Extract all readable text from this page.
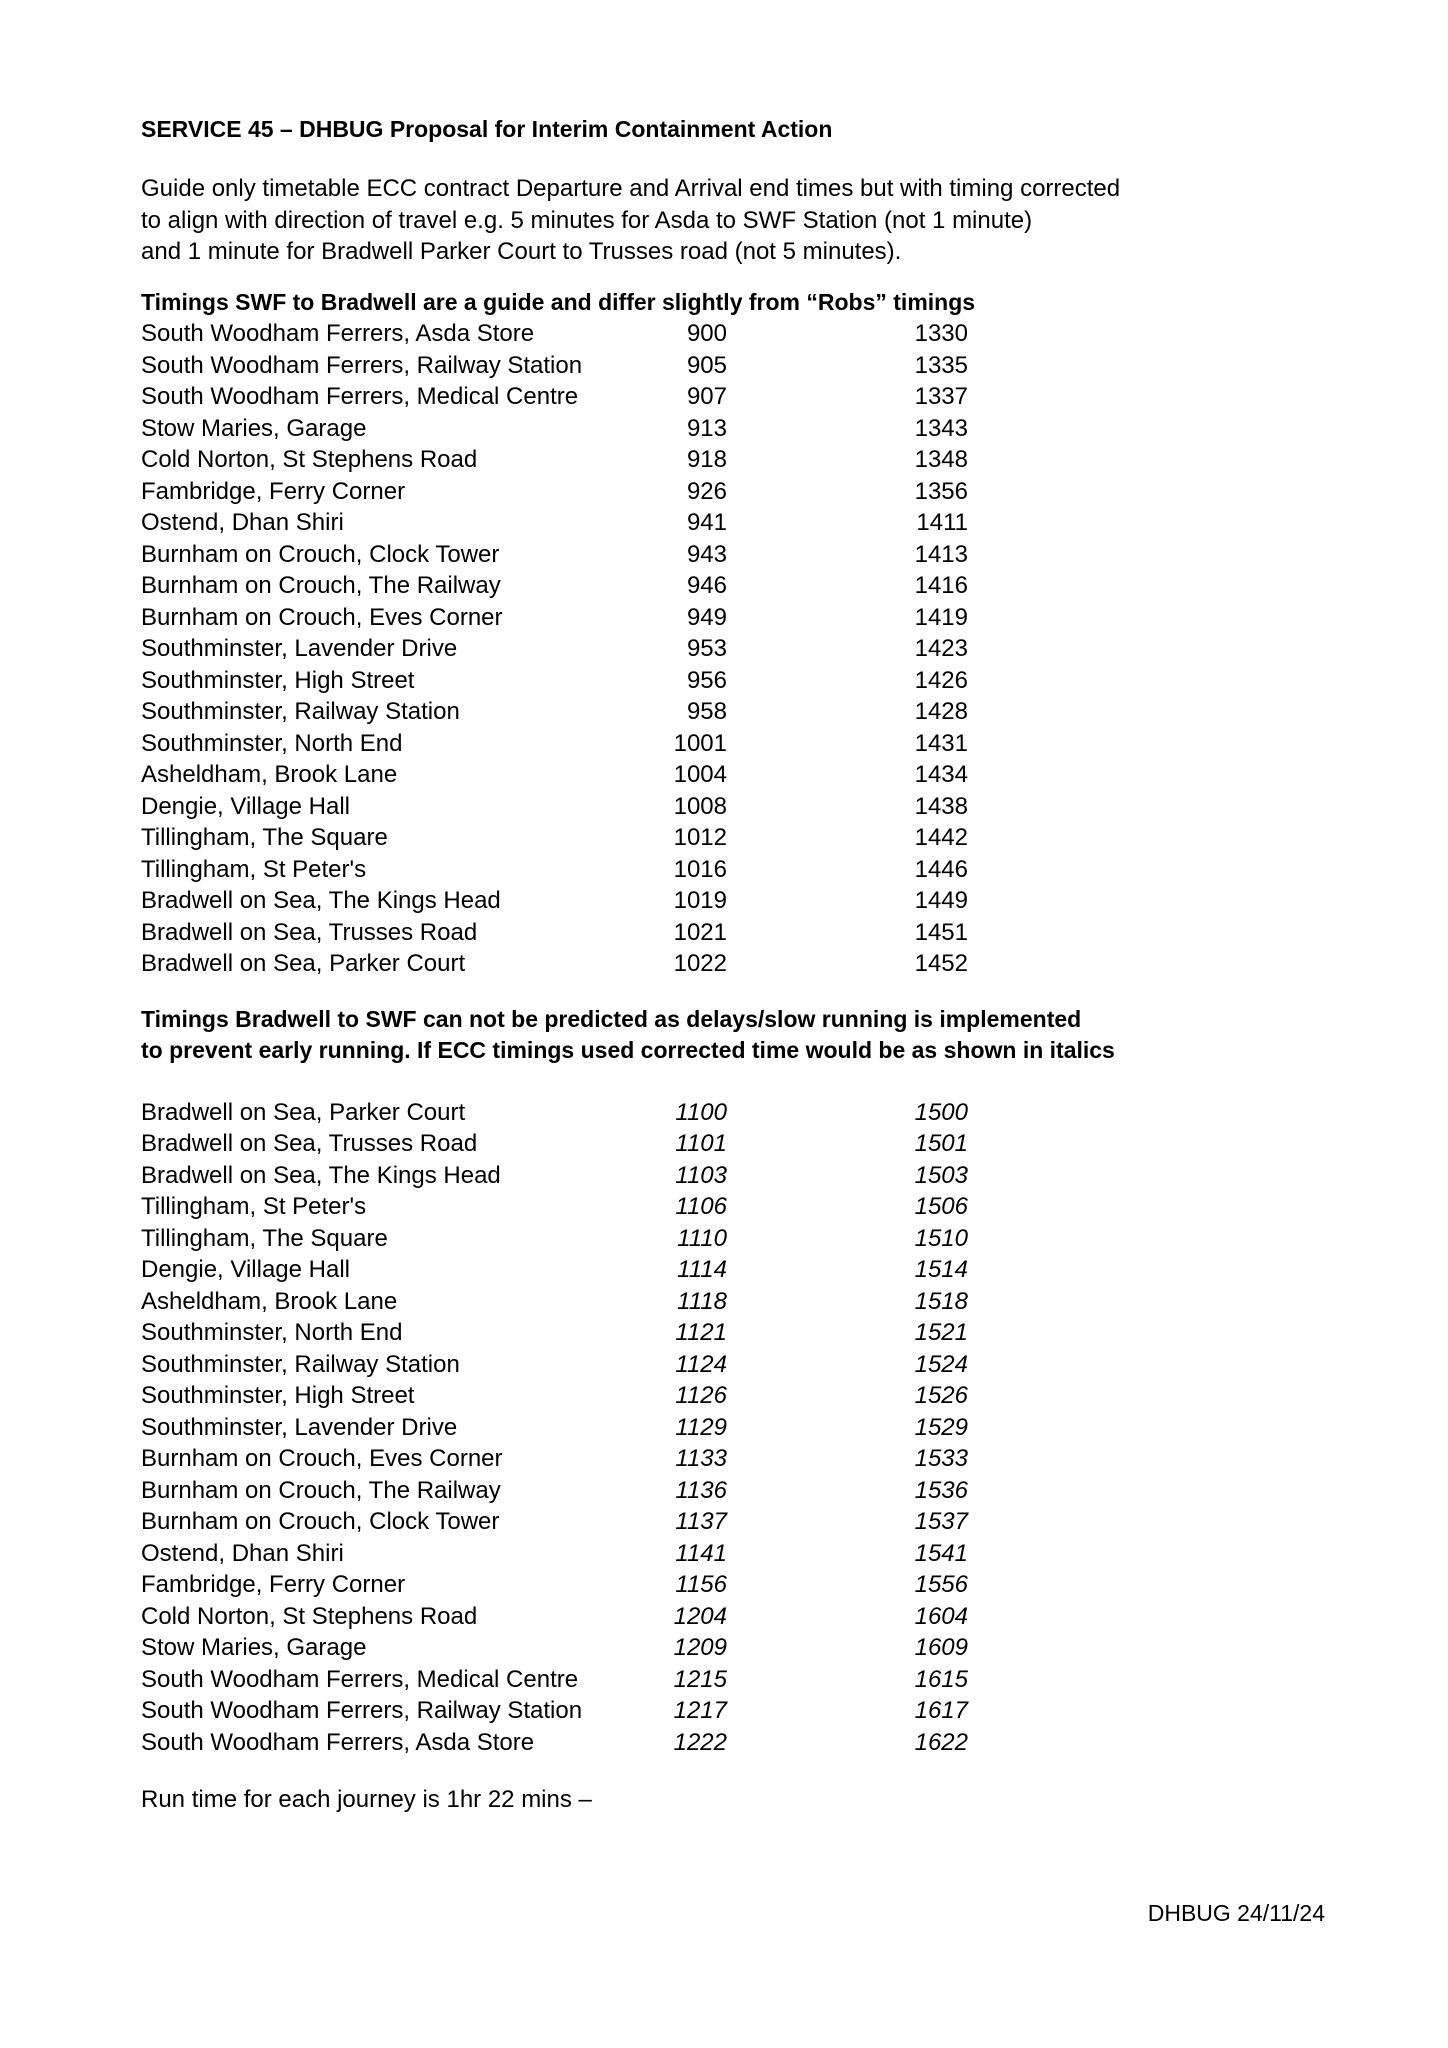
SERVICE 45 – DHBUG Proposal for Interim Containment Action
Guide only timetable ECC contract Departure and Arrival end times but with timing corrected
to align with direction of travel e.g. 5 minutes for Asda to SWF Station (not 1 minute)
and 1 minute for Bradwell Parker Court to Trusses road (not 5 minutes).
Timings SWF to Bradwell are a guide and differ slightly from “Robs” timings
South Woodham Ferrers, Asda Store	900	1330
South Woodham Ferrers, Railway Station	905	1335
South Woodham Ferrers, Medical Centre	907	1337
Stow Maries, Garage	913	1343
Cold Norton, St Stephens Road	918	1348
Fambridge, Ferry Corner	926	1356
Ostend, Dhan Shiri	941	1411
Burnham on Crouch, Clock Tower	943	1413
Burnham on Crouch, The Railway	946	1416
Burnham on Crouch, Eves Corner	949	1419
Southminster, Lavender Drive	953	1423
Southminster, High Street	956	1426
Southminster, Railway Station	958	1428
Southminster, North End	1001	1431
Asheldham, Brook Lane	1004	1434
Dengie, Village Hall	1008	1438
Tillingham, The Square	1012	1442
Tillingham, St Peter's	1016	1446
Bradwell on Sea, The Kings Head	1019	1449
Bradwell on Sea, Trusses Road	1021	1451
Bradwell on Sea, Parker Court	1022	1452
Timings Bradwell to SWF can not be predicted as delays/slow running is implemented
to prevent early running. If ECC timings used corrected time would be as shown in italics
Bradwell on Sea, Parker Court	1100	1500
Bradwell on Sea, Trusses Road	1101	1501
Bradwell on Sea, The Kings Head	1103	1503
Tillingham, St Peter's	1106	1506
Tillingham, The Square	1110	1510
Dengie, Village Hall	1114	1514
Asheldham, Brook Lane	1118	1518
Southminster, North End	1121	1521
Southminster, Railway Station	1124	1524
Southminster, High Street	1126	1526
Southminster, Lavender Drive	1129	1529
Burnham on Crouch, Eves Corner	1133	1533
Burnham on Crouch, The Railway	1136	1536
Burnham on Crouch, Clock Tower	1137	1537
Ostend, Dhan Shiri	1141	1541
Fambridge, Ferry Corner	1156	1556
Cold Norton, St Stephens Road	1204	1604
Stow Maries, Garage	1209	1609
South Woodham Ferrers, Medical Centre	1215	1615
South Woodham Ferrers, Railway Station	1217	1617
South Woodham Ferrers, Asda Store	1222	1622
Run time for each journey is 1hr 22 mins –
DHBUG 24/11/24
